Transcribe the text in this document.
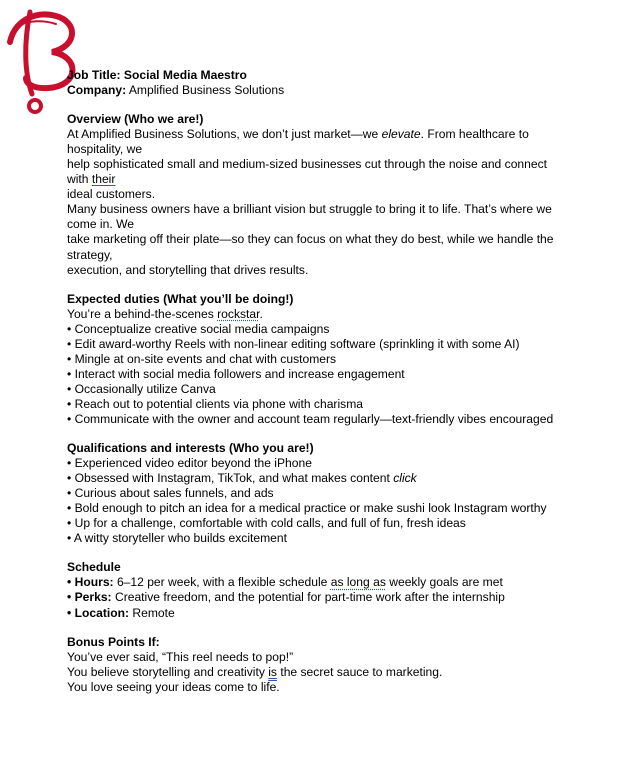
Job Title: Social Media Maestro

Company: Amplified Business Solutions

Overview (Who we are!)

At Amplified Business Solutions, we don’t just market—we elevate. From healthcare to hospitality, we

help sophisticated small and medium-sized businesses cut through the noise and connect with their

ideal customers.

Many business owners have a brilliant vision but struggle to bring it to life. That’s where we come in. We

take marketing off their plate—so they can focus on what they do best, while we handle the strategy,

execution, and storytelling that drives results.

Expected duties (What you’ll be doing!)

You’re a behind-the-scenes rockstar.

• Conceptualize creative social media campaigns

• Edit award-worthy Reels with non-linear editing software (sprinkling it with some AI)

• Mingle at on-site events and chat with customers

• Interact with social media followers and increase engagement

• Occasionally utilize Canva

• Reach out to potential clients via phone with charisma

• Communicate with the owner and account team regularly—text-friendly vibes encouraged

Qualifications and interests (Who you are!)

• Experienced video editor beyond the iPhone

• Obsessed with Instagram, TikTok, and what makes content click

• Curious about sales funnels, and ads

• Bold enough to pitch an idea for a medical practice or make sushi look Instagram worthy

• Up for a challenge, comfortable with cold calls, and full of fun, fresh ideas

• A witty storyteller who builds excitement

Schedule

• Hours: 6–12 per week, with a flexible schedule as long as weekly goals are met

• Perks: Creative freedom, and the potential for part-time work after the internship

• Location: Remote

Bonus Points If:

You’ve ever said, “This reel needs to pop!”

You believe storytelling and creativity is the secret sauce to marketing.

You love seeing your ideas come to life.
